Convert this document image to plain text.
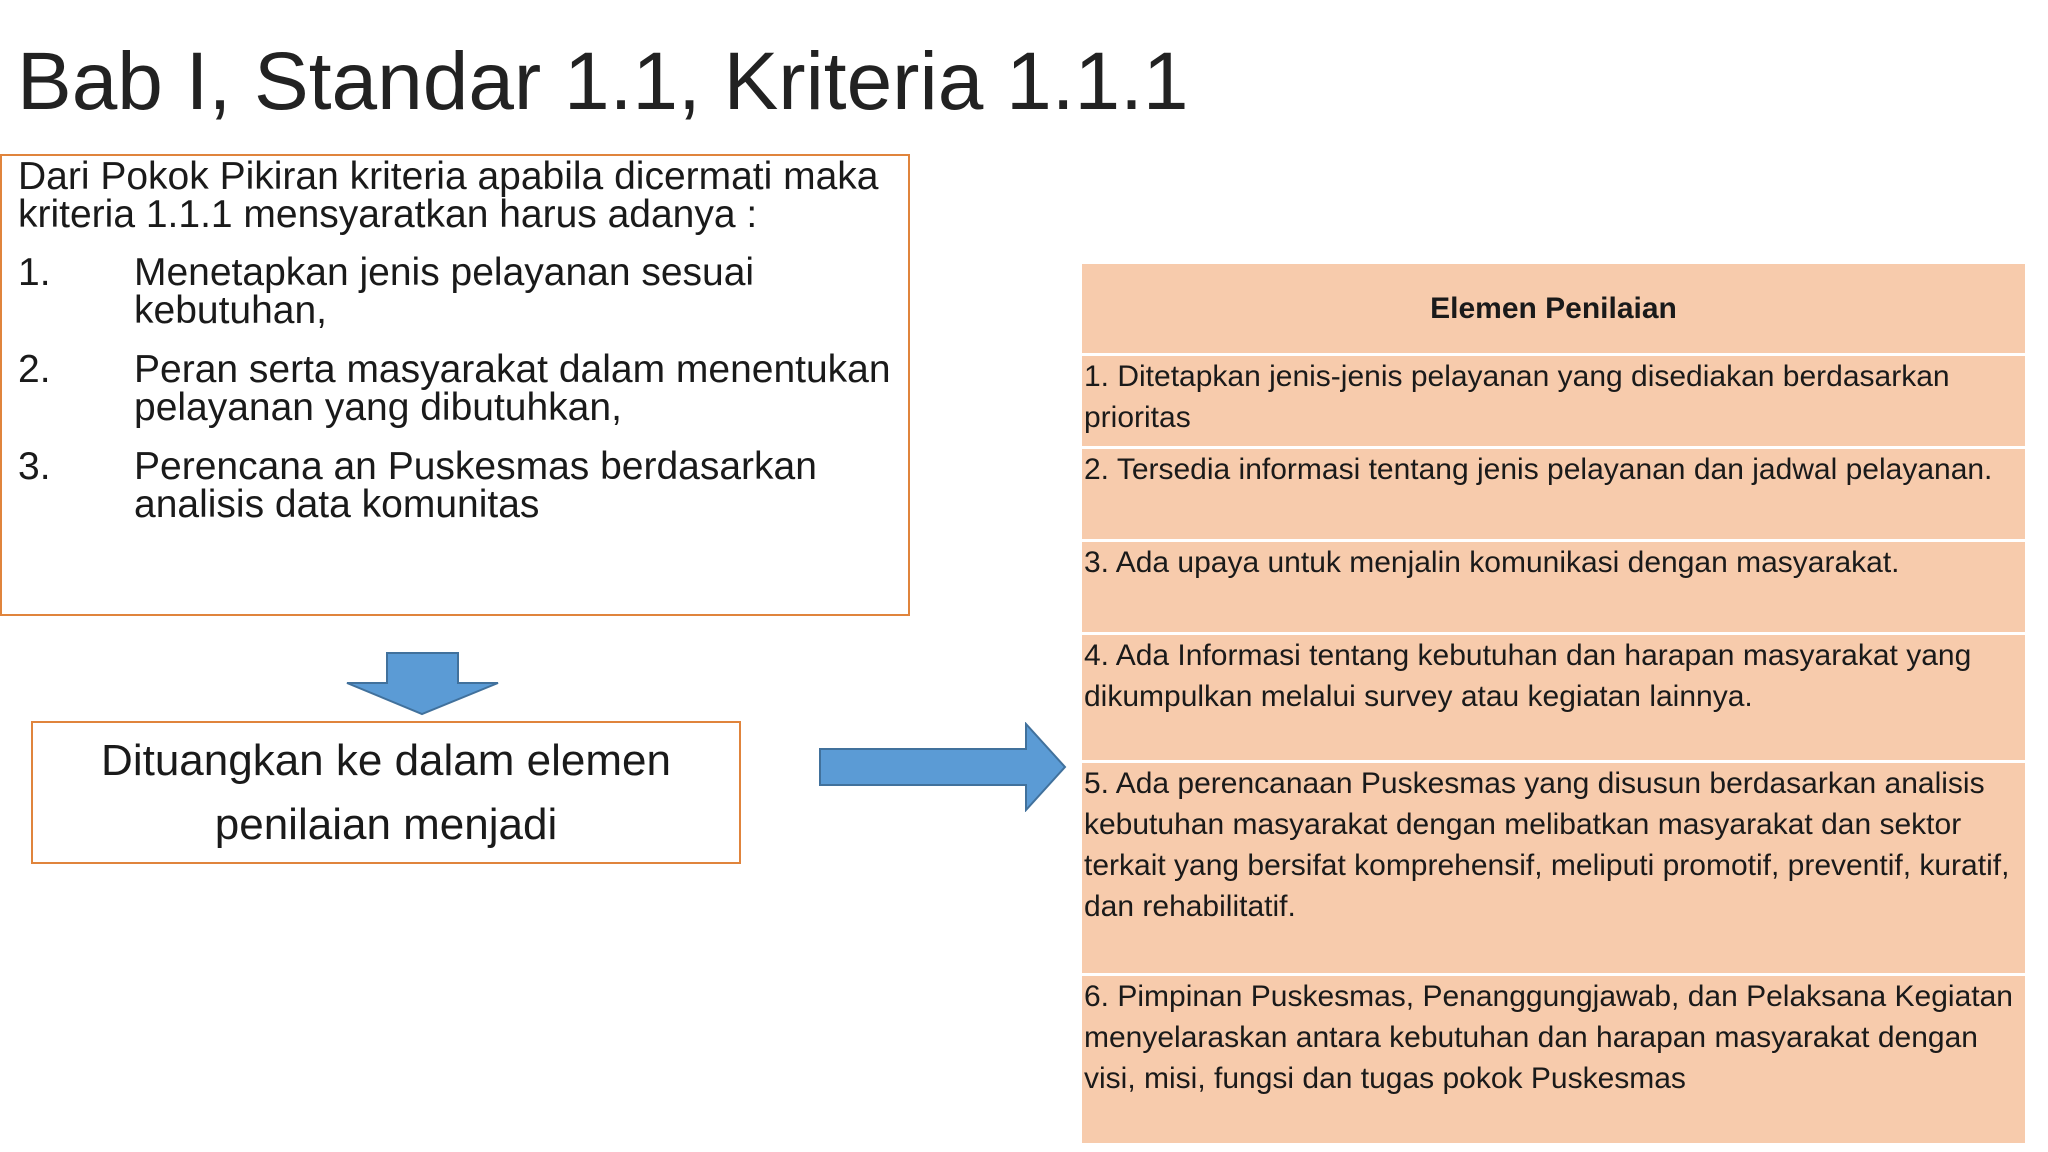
Bab I, Standar 1.1, Kriteria 1.1.1

Dari Pokok Pikiran kriteria apabila dicermati maka kriteria 1.1.1 mensyaratkan harus adanya :

1.	Menetapkan jenis pelayanan sesuai kebutuhan,
2.	Peran serta masyarakat dalam menentukan pelayanan yang dibutuhkan,
3.	Perencana an Puskesmas berdasarkan analisis data komunitas
Dituangkan ke dalam elemen penilaian menjadi
Elemen Penilaian
1. Ditetapkan jenis-jenis pelayanan yang disediakan berdasarkan prioritas
2. Tersedia informasi tentang jenis pelayanan dan jadwal pelayanan.
3. Ada upaya untuk menjalin komunikasi dengan masyarakat.
4. Ada Informasi tentang kebutuhan dan harapan masyarakat yang dikumpulkan melalui survey atau kegiatan lainnya.
5. Ada perencanaan Puskesmas yang disusun berdasarkan analisis kebutuhan masyarakat dengan melibatkan masyarakat dan sektor terkait yang bersifat komprehensif, meliputi promotif, preventif, kuratif, dan rehabilitatif.
6. Pimpinan Puskesmas, Penanggungjawab, dan Pelaksana Kegiatan menyelaraskan antara kebutuhan dan harapan masyarakat dengan visi, misi, fungsi dan tugas pokok Puskesmas
